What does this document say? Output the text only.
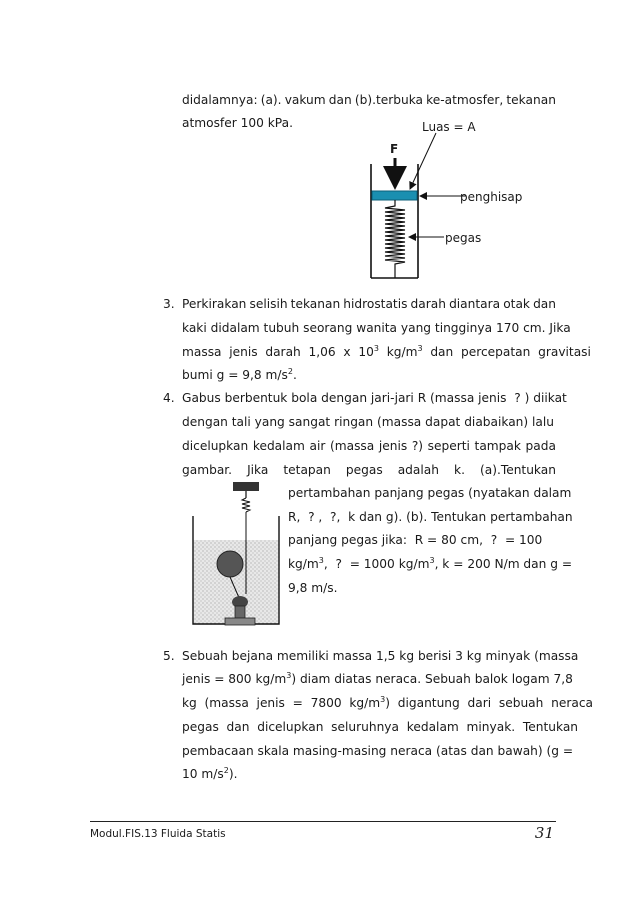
didalamnya: (a). vakum dan (b).terbuka ke-atmosfer, tekanan
atmosfer 100 kPa.	Luas = A
F
penghisap
pegas
3. Perkirakan selisih tekanan hidrostatis darah diantara otak dan
kaki didalam tubuh seorang wanita yang tingginya 170 cm. Jika
massa  jenis  darah  1,06  x  $10^3$  $kg/m^3$  dan  percepatan  gravitasi
bumi g = 9,8 $m/s^2$.
4. Gabus berbentuk bola dengan jari-jari R (massa jenis  ? ) diikat
dengan tali yang sangat ringan (massa dapat diabaikan) lalu
dicelupkan kedalam air (massa jenis ?) seperti tampak pada
gambar. Jika tetapan pegas adalah k. (a).Tentukan
pertambahan panjang pegas (nyatakan dalam
R,  ? ,  ?,  k dan g). (b). Tentukan pertambahan
panjang pegas jika:  R = 80 cm,  ?  = 100
$kg/m^3$,  ?  = 1000 $kg/m^3$, k = 200 N/m dan g =
9,8 m/s.
5. Sebuah bejana memiliki massa 1,5 kg berisi 3 kg minyak (massa
jenis = 800 $kg/m^3$) diam diatas neraca. Sebuah balok logam 7,8
kg  (massa  jenis  =  7800  $kg/m^3$)  digantung  dari  sebuah  neraca
pegas  dan  dicelupkan  seluruhnya  kedalam  minyak.  Tentukan
pembacaan skala masing-masing neraca (atas dan bawah) (g =
10 $m/s^2$).
Modul.FIS.13 Fluida Statis	31
